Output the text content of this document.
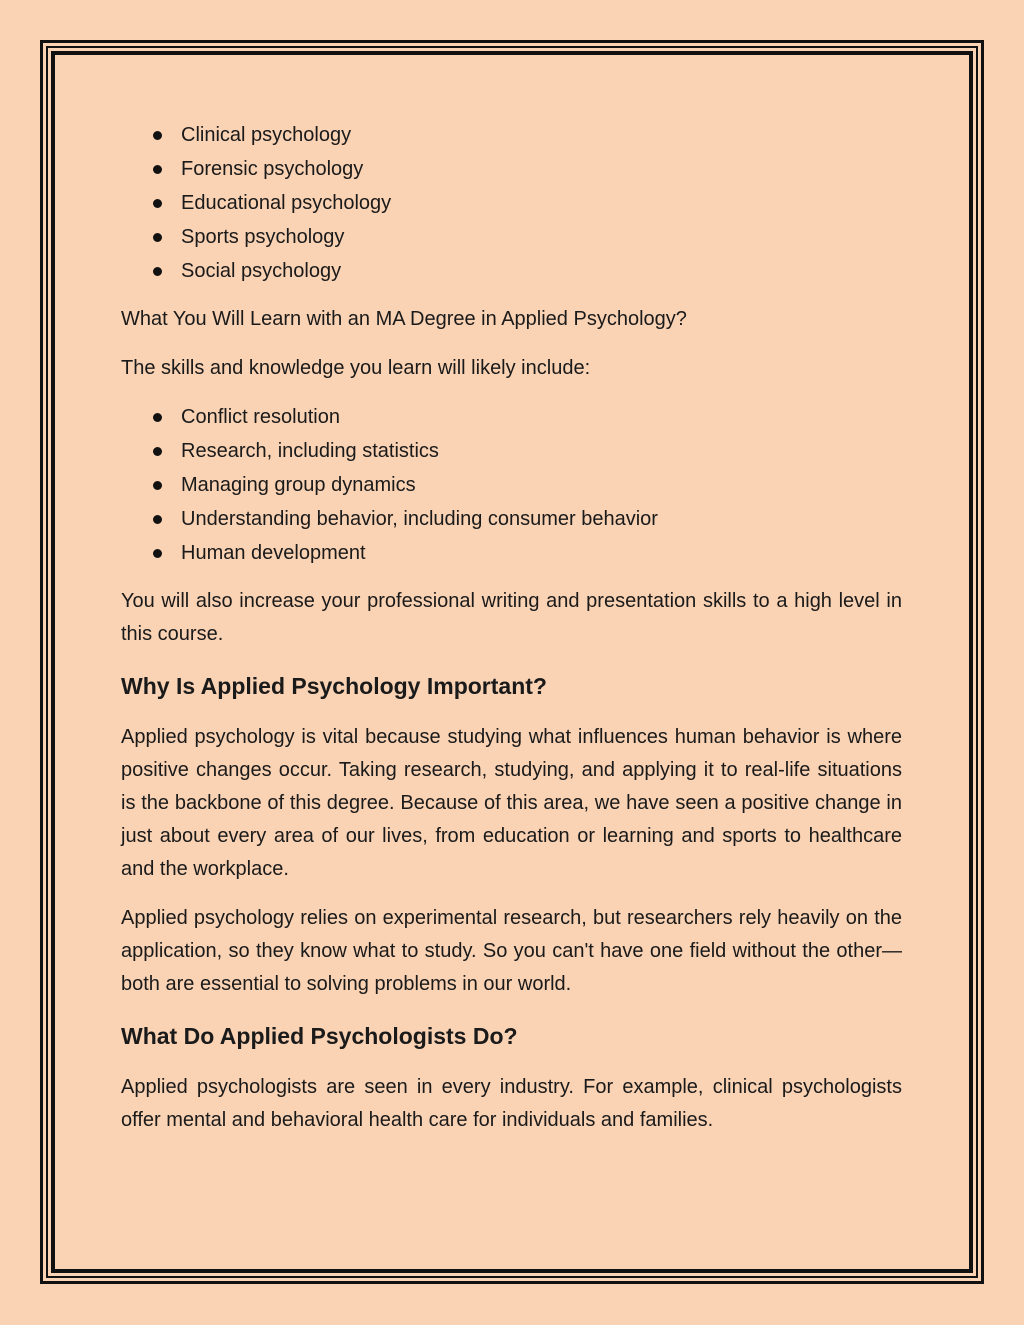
Clinical psychology
Forensic psychology
Educational psychology
Sports psychology
Social psychology

What You Will Learn with an MA Degree in Applied Psychology?

The skills and knowledge you learn will likely include:

Conflict resolution
Research, including statistics
Managing group dynamics
Understanding behavior, including consumer behavior
Human development

You will also increase your professional writing and presentation skills to a high level in this course.

Why Is Applied Psychology Important?

Applied psychology is vital because studying what influences human behavior is where positive changes occur. Taking research, studying, and applying it to real-life situations is the backbone of this degree. Because of this area, we have seen a positive change in just about every area of our lives, from education or learning and sports to healthcare and the workplace.

Applied psychology relies on experimental research, but researchers rely heavily on the application, so they know what to study. So you can't have one field without the other—both are essential to solving problems in our world.

What Do Applied Psychologists Do?

Applied psychologists are seen in every industry. For example, clinical psychologists offer mental and behavioral health care for individuals and families.
